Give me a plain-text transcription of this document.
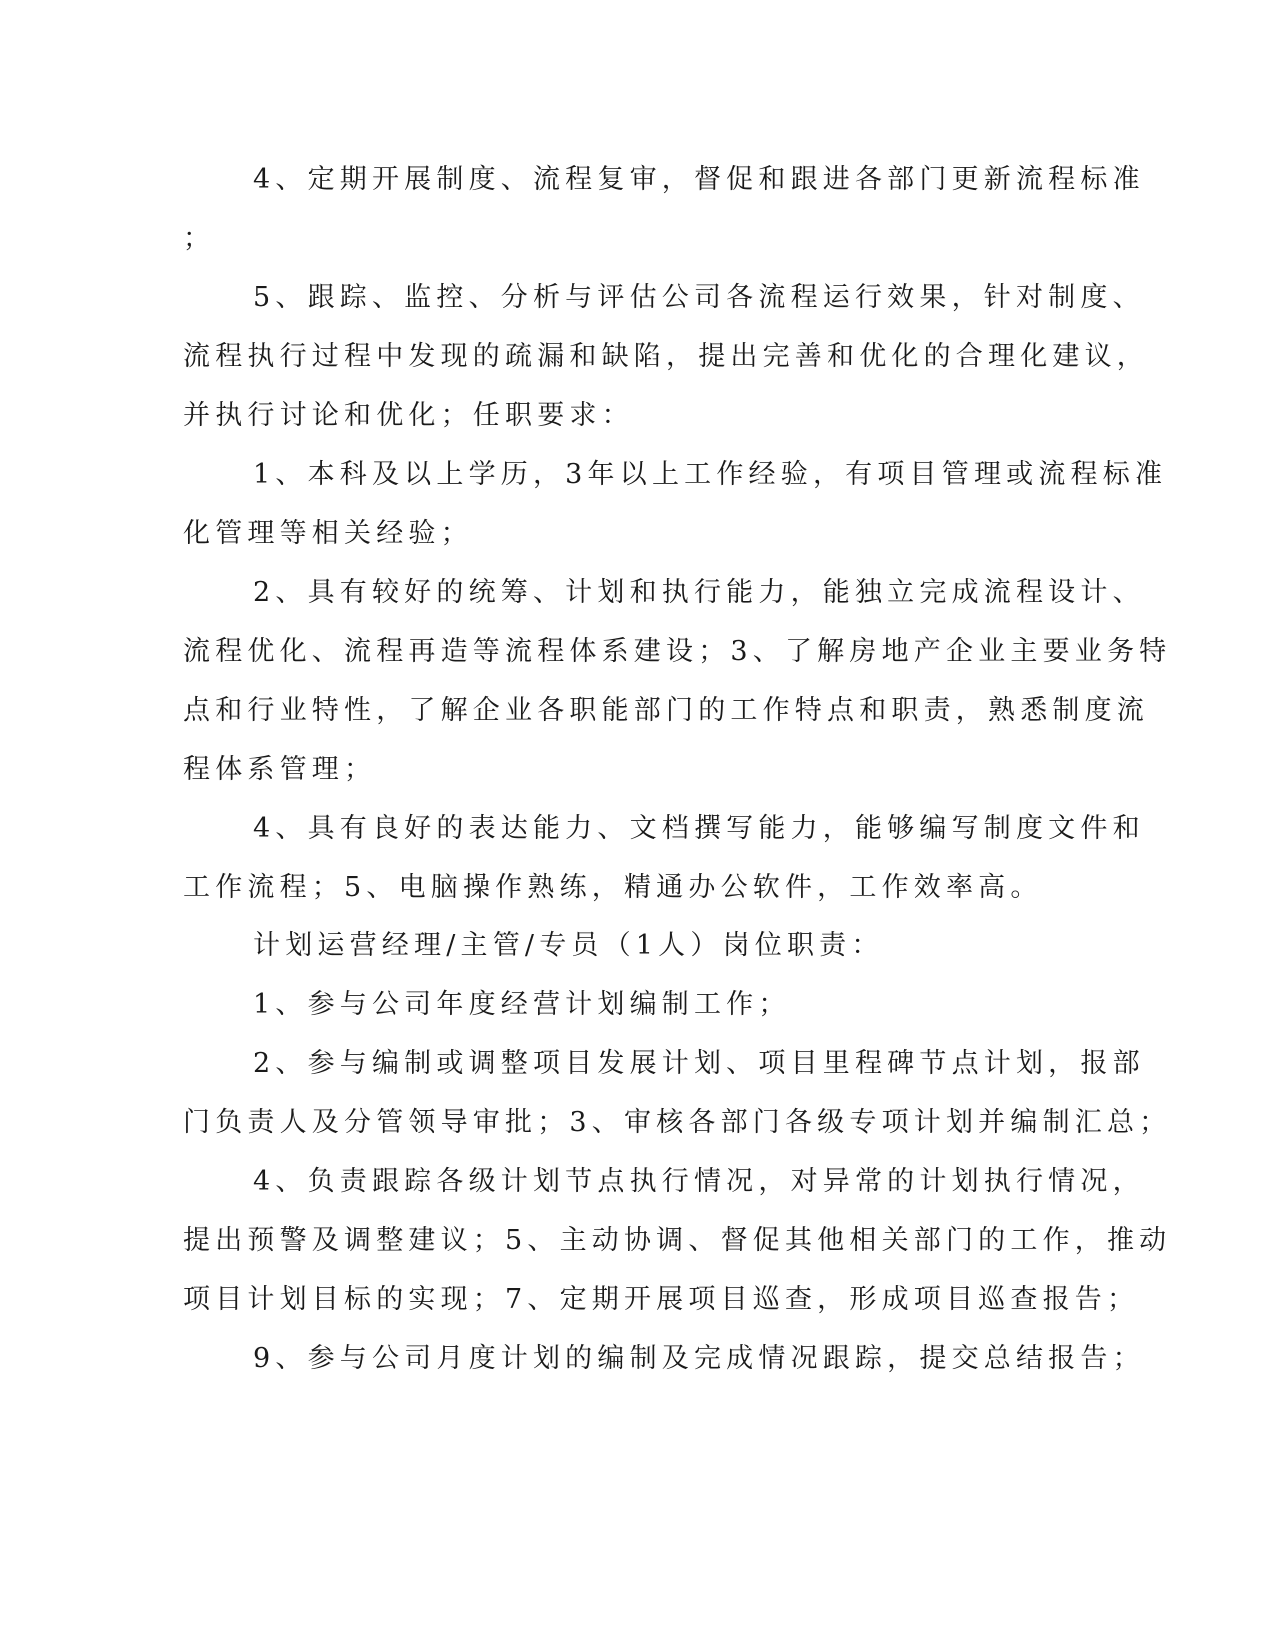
4、定期开展制度、流程复审，督促和跟进各部门更新流程标准
；
5、跟踪、监控、分析与评估公司各流程运行效果，针对制度、
流程执行过程中发现的疏漏和缺陷，提出完善和优化的合理化建议，
并执行讨论和优化；任职要求：
1、本科及以上学历，3年以上工作经验，有项目管理或流程标准
化管理等相关经验；
2、具有较好的统筹、计划和执行能力，能独立完成流程设计、
流程优化、流程再造等流程体系建设；3、了解房地产企业主要业务特
点和行业特性，了解企业各职能部门的工作特点和职责，熟悉制度流
程体系管理；
4、具有良好的表达能力、文档撰写能力，能够编写制度文件和
工作流程；5、电脑操作熟练，精通办公软件，工作效率高。
计划运营经理/主管/专员（1人）岗位职责：
1、参与公司年度经营计划编制工作；
2、参与编制或调整项目发展计划、项目里程碑节点计划，报部
门负责人及分管领导审批；3、审核各部门各级专项计划并编制汇总；
4、负责跟踪各级计划节点执行情况，对异常的计划执行情况，
提出预警及调整建议；5、主动协调、督促其他相关部门的工作，推动
项目计划目标的实现；7、定期开展项目巡查，形成项目巡查报告；
9、参与公司月度计划的编制及完成情况跟踪，提交总结报告；
